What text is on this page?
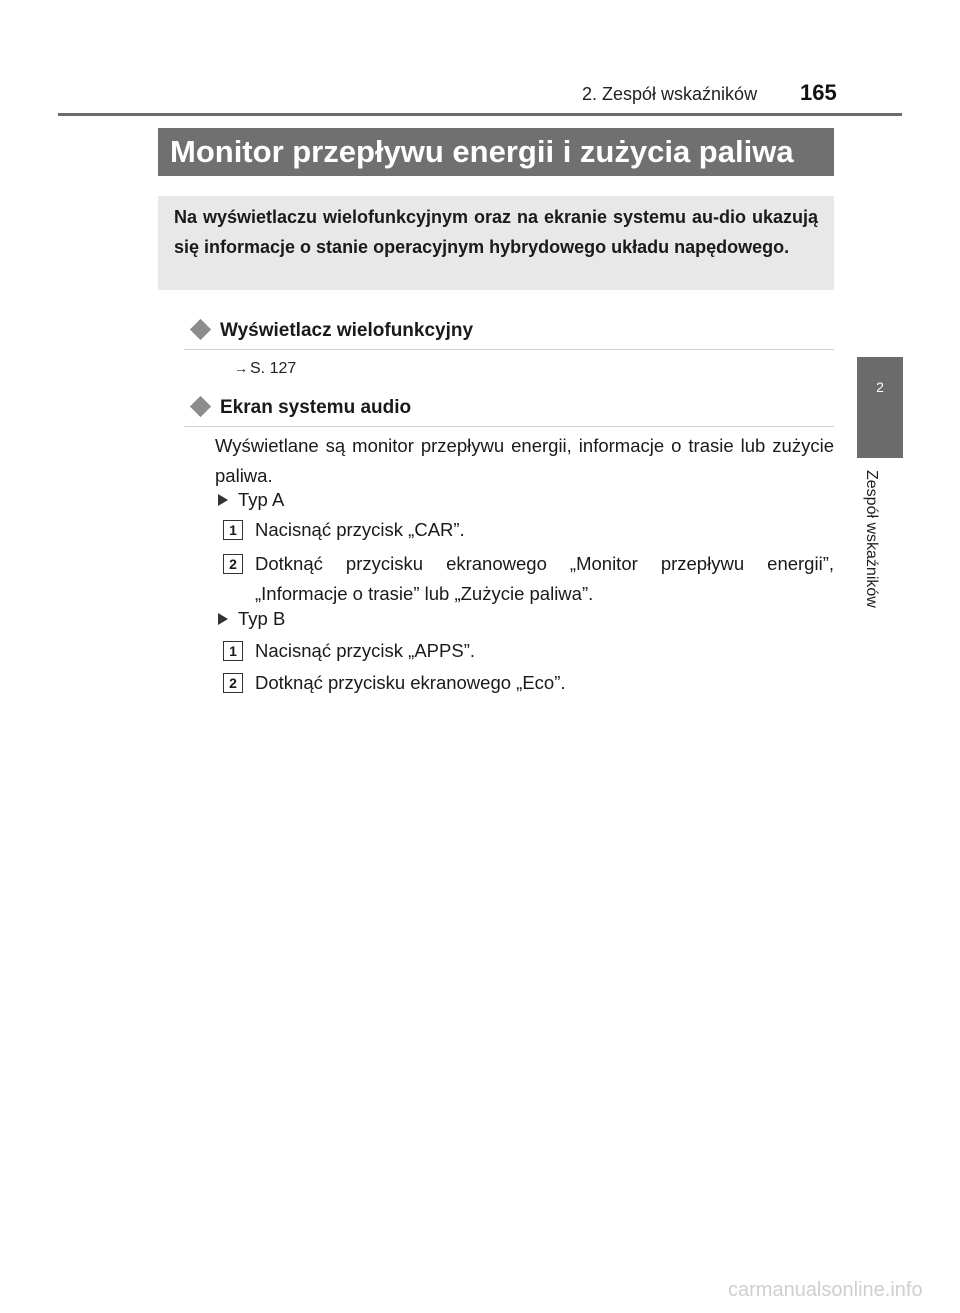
2. Zespół wskaźników 165
Monitor przepływu energii i zużycia paliwa
Na wyświetlaczu wielofunkcyjnym oraz na ekranie systemu au-dio ukazują się informacje o stanie operacyjnym hybrydowego układu napędowego.
Wyświetlacz wielofunkcyjny
→ S. 127
Ekran systemu audio
Wyświetlane są monitor przepływu energii, informacje o trasie lub zużycie paliwa.
Typ A
1 Nacisnąć przycisk „CAR”.
2 Dotknąć przycisku ekranowego „Monitor przepływu energii”, „Informacje o trasie” lub „Zużycie paliwa”.
Typ B
1 Nacisnąć przycisk „APPS”.
2 Dotknąć przycisku ekranowego „Eco”.
2
Zespół wskaźników
carmanualsonline.info
